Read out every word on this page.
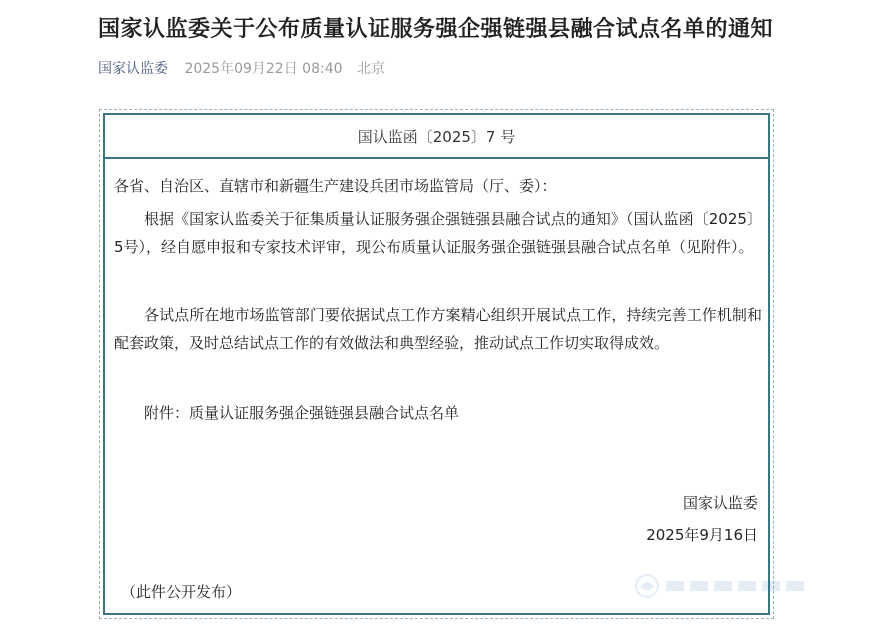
国家认监委关于公布质量认证服务强企强链强县融合试点名单的通知
国家认监委 2025年09月22日 08:40 北京
国认监函〔2025〕7 号
各省、自治区、直辖市和新疆生产建设兵团市场监管局（厅、委）：
根据《国家认监委关于征集质量认证服务强企强链强县融合试点的通知》（国认监函〔2025〕5号），经自愿申报和专家技术评审，现公布质量认证服务强企强链强县融合试点名单（见附件）。
各试点所在地市场监管部门要依据试点工作方案精心组织开展试点工作，持续完善工作机制和配套政策，及时总结试点工作的有效做法和典型经验，推动试点工作切实取得成效。
附件：质量认证服务强企强链强县融合试点名单
国家认监委
2025年9月16日
（此件公开发布）
